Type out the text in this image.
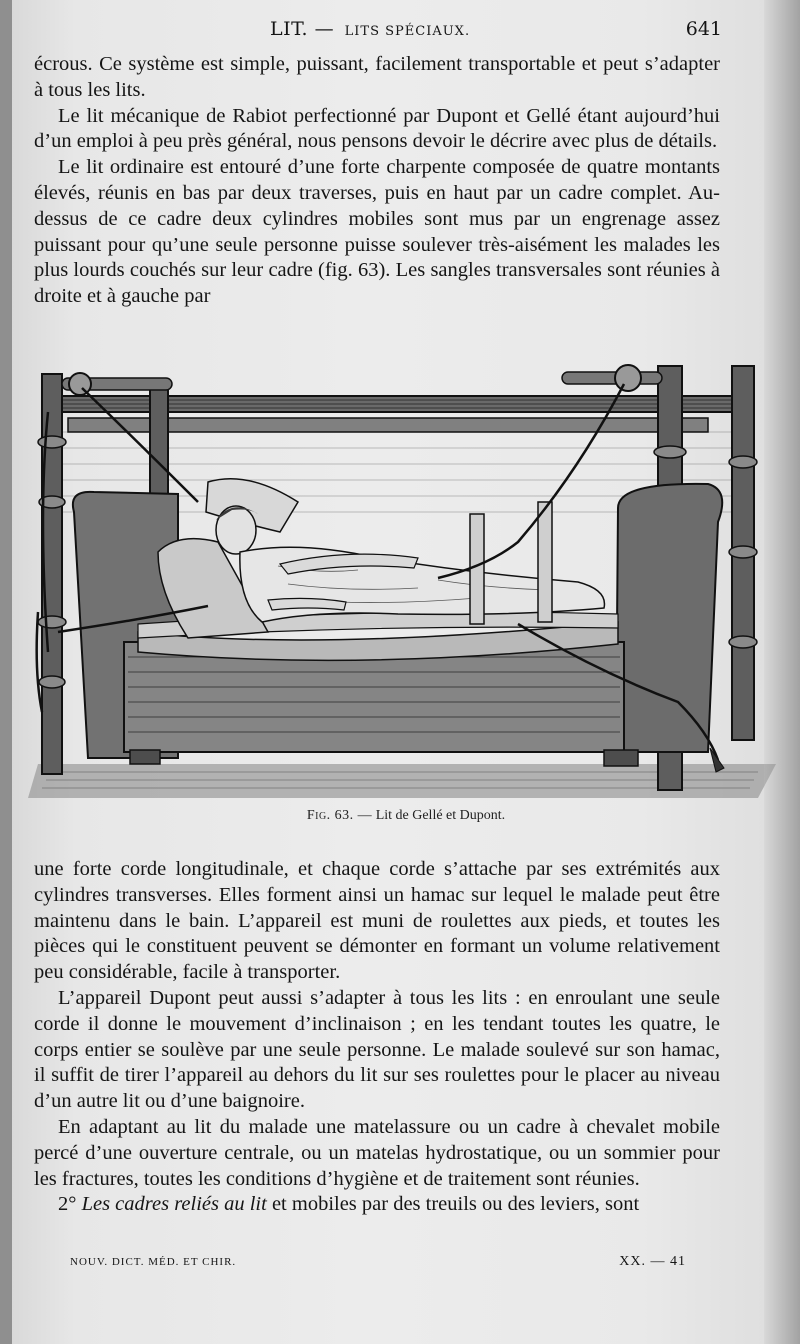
LIT. — LITS SPÉCIAUX.	641

écrous. Ce système est simple, puissant, facilement transportable et peut s’adapter à tous les lits.

Le lit mécanique de Rabiot perfectionné par Dupont et Gellé étant aujourd’hui d’un emploi à peu près général, nous pensons devoir le décrire avec plus de détails.

Le lit ordinaire est entouré d’une forte charpente composée de quatre montants élevés, réunis en bas par deux traverses, puis en haut par un cadre complet. Au-dessus de ce cadre deux cylindres mobiles sont mus par un engrenage assez puissant pour qu’une seule personne puisse soulever très-aisément les malades les plus lourds couchés sur leur cadre (fig. 63). Les sangles transversales sont réunies à droite et à gauche par

Fig. 63. — Lit de Gellé et Dupont.

une forte corde longitudinale, et chaque corde s’attache par ses extrémités aux cylindres transverses. Elles forment ainsi un hamac sur lequel le malade peut être maintenu dans le bain. L’appareil est muni de roulettes aux pieds, et toutes les pièces qui le constituent peuvent se démonter en formant un volume relativement peu considérable, facile à transporter.

L’appareil Dupont peut aussi s’adapter à tous les lits : en enroulant une seule corde il donne le mouvement d’inclinaison ; en les tendant toutes les quatre, le corps entier se soulève par une seule personne. Le malade soulevé sur son hamac, il suffit de tirer l’appareil au dehors du lit sur ses roulettes pour le placer au niveau d’un autre lit ou d’une baignoire.

En adaptant au lit du malade une matelassure ou un cadre à chevalet mobile percé d’une ouverture centrale, ou un matelas hydrostatique, ou un sommier pour les fractures, toutes les conditions d’hygiène et de traitement sont réunies.

2° Les cadres reliés au lit et mobiles par des treuils ou des leviers, sont

NOUV. DICT. MÉD. ET CHIR.	XX. — 41
